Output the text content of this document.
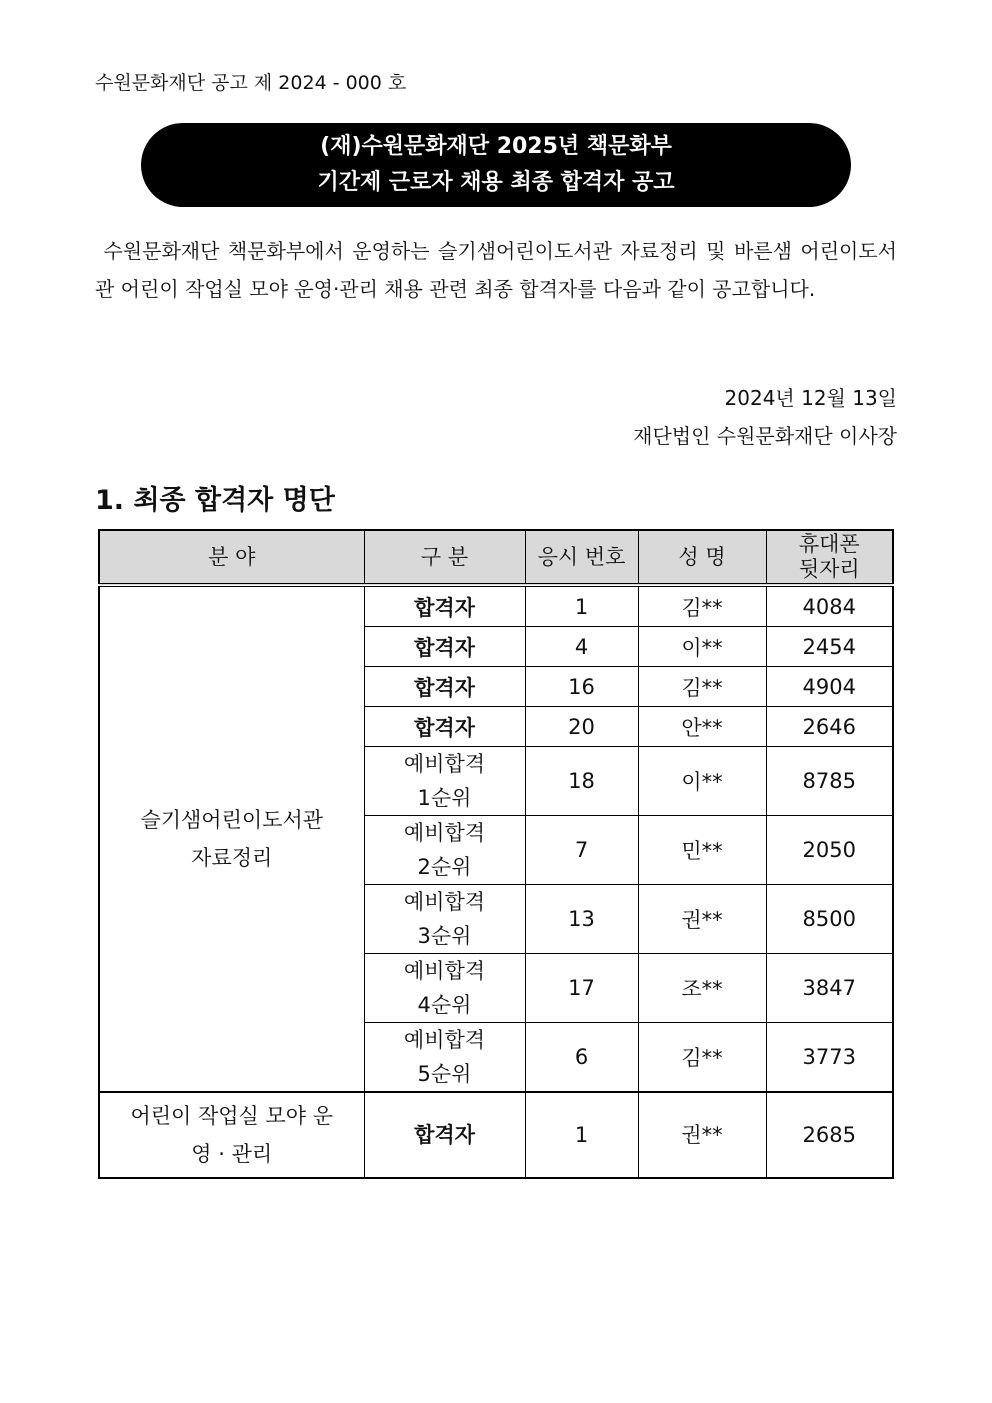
수원문화재단 공고 제 2024 - 000 호
(재)수원문화재단 2025년 책문화부
기간제 근로자 채용 최종 합격자 공고
수원문화재단 책문화부에서 운영하는 슬기샘어린이도서관 자료정리 및 바른샘 어린이도서관 어린이 작업실 모야 운영·관리 채용 관련 최종 합격자를 다음과 같이 공고합니다.
2024년 12월 13일
재단법인 수원문화재단 이사장
1. 최종 합격자 명단
분 야	구 분	응시 번호	성 명	휴대폰 뒷자리
슬기샘어린이도서관 자료정리	합격자	1	김**	4084
	합격자	4	이**	2454
	합격자	16	김**	4904
	합격자	20	안**	2646
	예비합격 1순위	18	이**	8785
	예비합격 2순위	7	민**	2050
	예비합격 3순위	13	권**	8500
	예비합격 4순위	17	조**	3847
	예비합격 5순위	6	김**	3773
어린이 작업실 모야 운영 · 관리	합격자	1	권**	2685
